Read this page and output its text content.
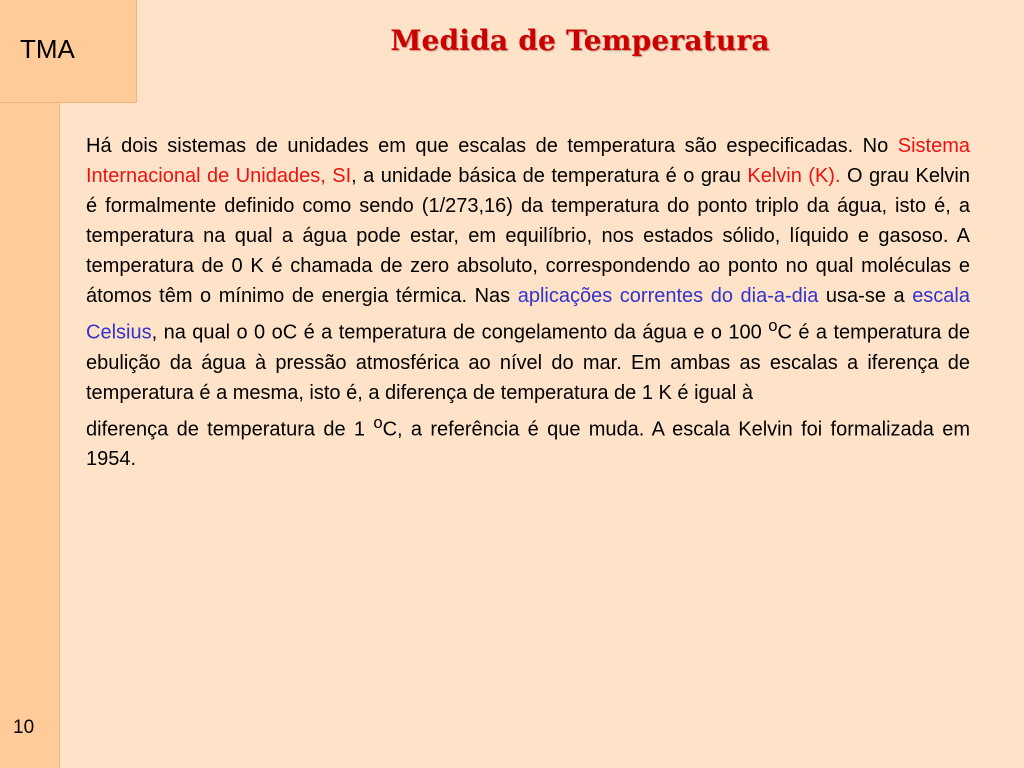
TMA	Medida de Temperatura

Há dois sistemas de unidades em que escalas de temperatura são especificadas. No Sistema Internacional de Unidades, SI, a unidade básica de temperatura é o grau Kelvin (K). O grau Kelvin é formalmente definido como sendo (1/273,16) da temperatura do ponto triplo da água, isto é, a temperatura na qual a água pode estar, em equilíbrio, nos estados sólido, líquido e gasoso. A temperatura de 0 K é chamada de zero absoluto, correspondendo ao ponto no qual moléculas e átomos têm o mínimo de energia térmica. Nas aplicações correntes do dia-a-dia usa-se a escala Celsius, na qual o 0 oC é a temperatura de congelamento da água e o 100 $^o$C é a temperatura de ebulição da água à pressão atmosférica ao nível do mar. Em ambas as escalas a iferença de temperatura é a mesma, isto é, a diferença de temperatura de 1 K é igual à
diferença de temperatura de 1 $^o$C, a referência é que muda. A escala Kelvin foi formalizada em 1954.

10
